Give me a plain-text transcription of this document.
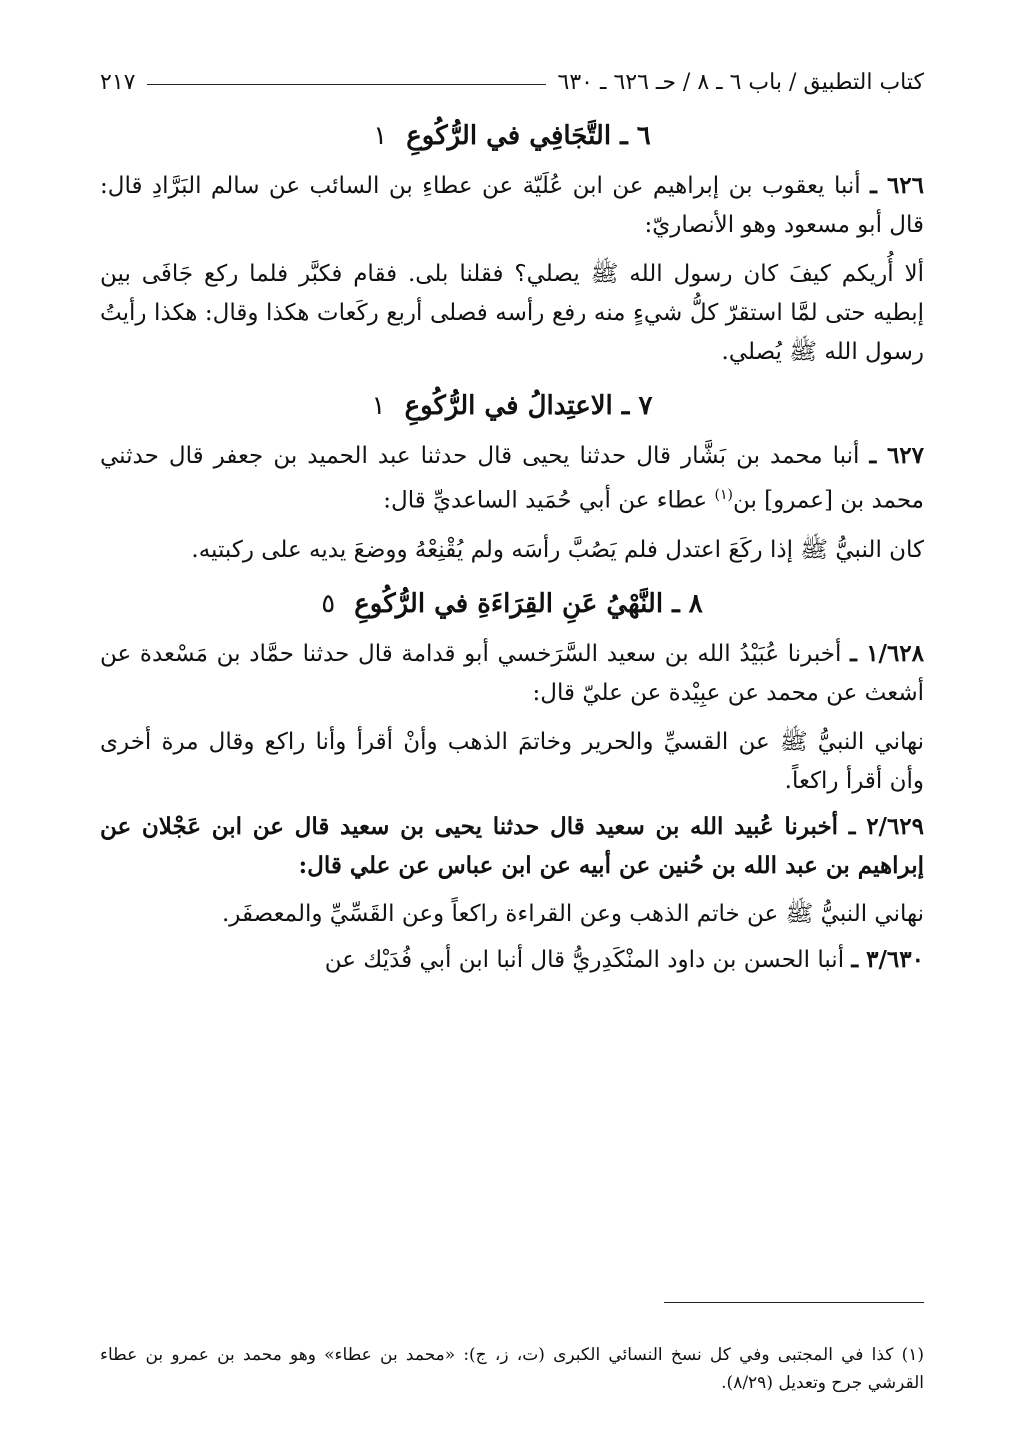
كتاب التطبيق / باب ٦ ـ ٨ / حـ ٦٢٦ ـ ٦٣٠
٢١٧
٦ ـ التَّجَافِي في الرُّكُوعِ ١

٦٢٦ ـ أنبا يعقوب بن إبراهيم عن ابن عُلَيّة عن عطاءِ بن السائب عن سالم البَرَّادِ قال: قال أبو مسعود وهو الأنصاريّ:

ألا أُريكم كيفَ كان رسول الله ﷺ يصلي؟ فقلنا بلى. فقام فكبَّر فلما ركع جَافَى بين إبطيه حتى لمَّا استقرّ كلُّ شيءٍ منه رفع رأسه فصلى أربع ركَعات هكذا وقال: هكذا رأيتُ رسول الله ﷺ يُصلي.

٧ ـ الاعتِدالُ في الرُّكُوعِ ١

٦٢٧ ـ أنبا محمد بن بَشَّار قال حدثنا يحيى قال حدثنا عبد الحميد بن جعفر قال حدثني محمد بن [عمرو] بن$^{(١)}$ عطاء عن أبي حُمَيد الساعديِّ قال:

كان النبيُّ ﷺ إذا ركَعَ اعتدل فلم يَصُبَّ رأسَه ولم يُقْنِعْهُ ووضعَ يديه على ركبتيه.

٨ ـ النَّهْيُ عَنِ القِرَاءَةِ في الرُّكُوعِ ٥

١/٦٢٨ ـ أخبرنا عُبَيْدُ الله بن سعيد السَّرَخسي أبو قدامة قال حدثنا حمَّاد بن مَسْعدة عن أشعث عن محمد عن عبِيْدة عن عليّ قال:

نهاني النبيُّ ﷺ عن القسيِّ والحرير وخاتمَ الذهب وأنْ أقرأ وأنا راكع وقال مرة أخرى وأن أقرأ راكعاً.

٢/٦٢٩ ـ أخبرنا عُبيد الله بن سعيد قال حدثنا يحيى بن سعيد قال عن ابن عَجْلان عن إبراهيم بن عبد الله بن حُنين عن أبيه عن ابن عباس عن علي قال:

نهاني النبيُّ ﷺ عن خاتم الذهب وعن القراءة راكعاً وعن القَسِّيِّ والمعصفَر.

٣/٦٣٠ ـ أنبا الحسن بن داود المنْكَدِريُّ قال أنبا ابن أبي فُدَيْك عن

(١) كذا في المجتبى وفي كل نسخ النسائي الكبرى (ت، ز، ج): «محمد بن عطاء» وهو محمد بن عمرو بن عطاء القرشي جرح وتعديل (٨/٢٩).
